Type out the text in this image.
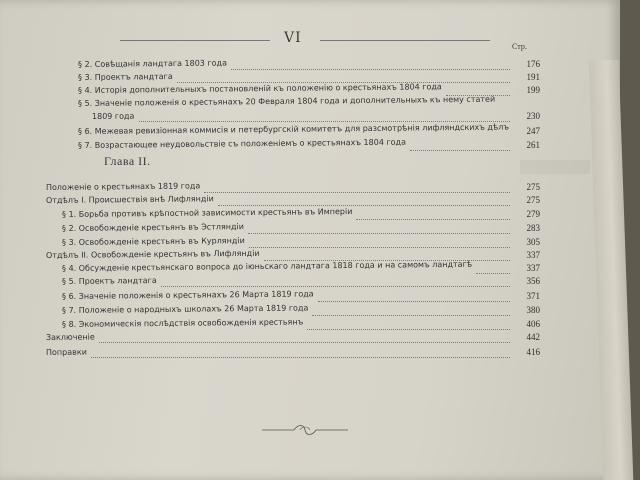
VI
Стр.
§ 2. Совѣщанія ландтага 1803 года	176
§ 3. Проектъ ландтага	191
§ 4. Исторія дополнительныхъ постановленій къ положенію о крестьянахъ 1804 года	199
§ 5. Значеніе положенія о крестьянахъ 20 Февраля 1804 года и дополнительныхъ къ нему статей
1809 года	230
§ 6. Межевая ревизіонная коммисія и петербургскій комитетъ для разсмотрѣнія лифляндскихъ дѣлъ	247
§ 7. Возрастающее неудовольствіе съ положеніемъ о крестьянахъ 1804 года	261
Положеніе о крестьянахъ 1819 года	275
Отдѣлъ I. Происшествія внѣ Лифляндіи	275
§ 1. Борьба противъ крѣпостной зависимости крестьянъ въ Имперіи	279
§ 2. Освобожденіе крестьянъ въ Эстляндіи	283
§ 3. Освобожденіе крестьянъ въ Курляндіи	305
Отдѣлъ II. Освобожденіе крестьянъ въ Лифляндіи	337
§ 4. Обсужденіе крестьянскаго вопроса до іюньскаго ландтага 1818 года и на самомъ ландтагѣ	337
§ 5. Проектъ ландтага	356
§ 6. Значеніе положенія о крестьянахъ 26 Марта 1819 года	371
§ 7. Положеніе о народныхъ школахъ 26 Марта 1819 года	380
§ 8. Экономическія послѣдствія освобожденія крестьянъ	406
Заключеніе	442
Поправки	416
Глава II.
